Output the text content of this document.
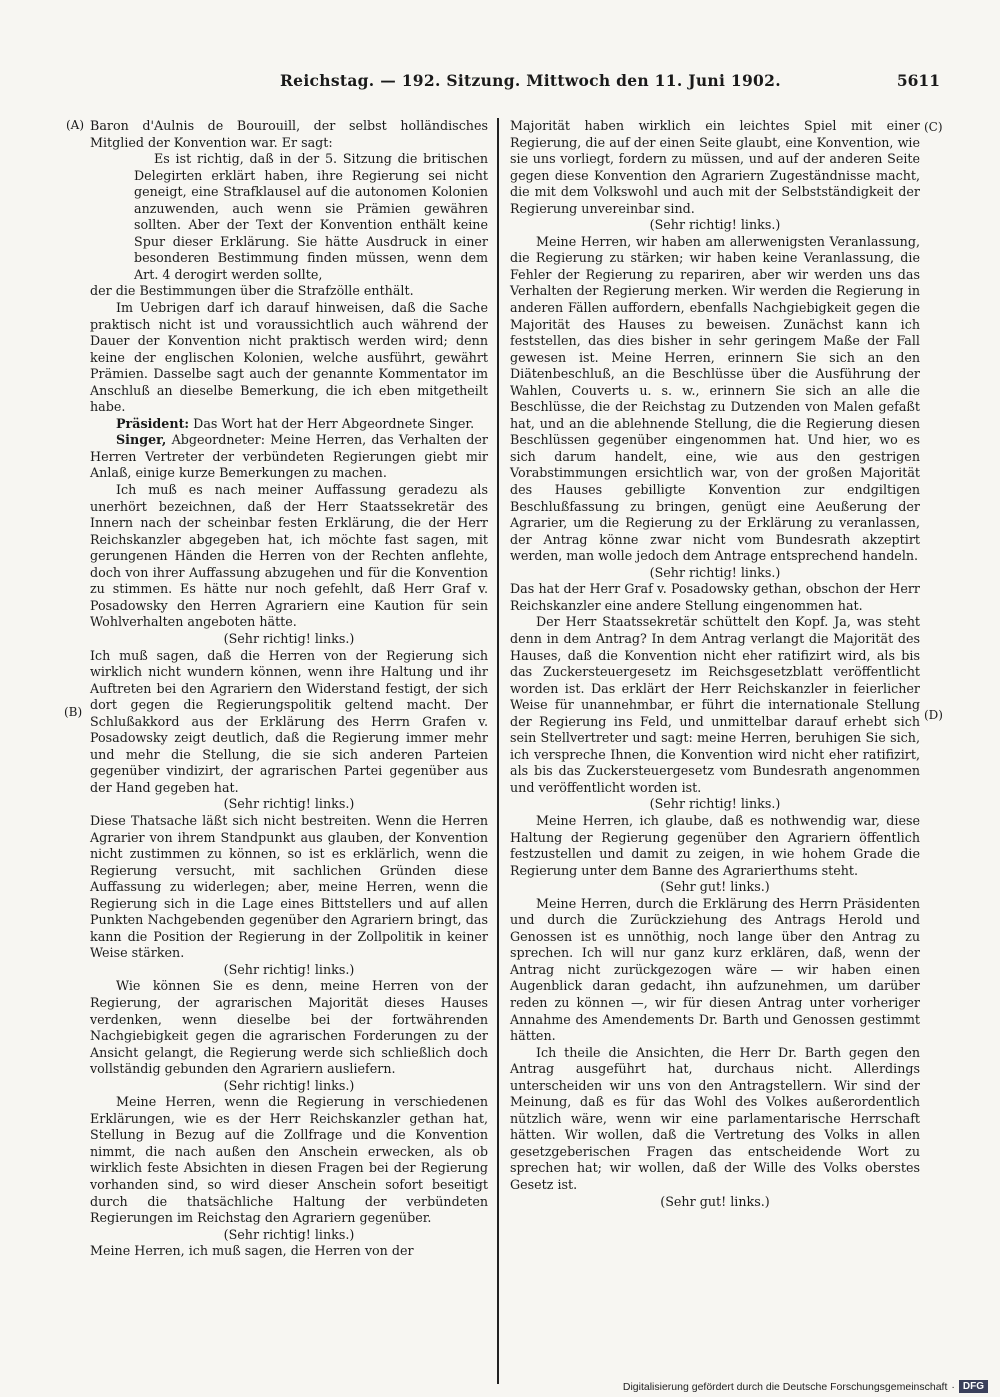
Reichstag. — 192. Sitzung. Mittwoch den 11. Juni 1902.	5611
(A)
(B)
(C)
(D)

Baron d'Aulnis de Bourouill, der selbst holländisches Mitglied der Konvention war. Er sagt:

Es ist richtig, daß in der 5. Sitzung die britischen Delegirten erklärt haben, ihre Regierung sei nicht geneigt, eine Strafklausel auf die autonomen Kolonien anzuwenden, auch wenn sie Prämien gewähren sollten. Aber der Text der Konvention enthält keine Spur dieser Erklärung. Sie hätte Ausdruck in einer besonderen Bestimmung finden müssen, wenn dem Art. 4 derogirt werden sollte,

der die Bestimmungen über die Strafzölle enthält.

Im Uebrigen darf ich darauf hinweisen, daß die Sache praktisch nicht ist und voraussichtlich auch während der Dauer der Konvention nicht praktisch werden wird; denn keine der englischen Kolonien, welche ausführt, gewährt Prämien. Dasselbe sagt auch der genannte Kommentator im Anschluß an dieselbe Bemerkung, die ich eben mitgetheilt habe.

Präsident: Das Wort hat der Herr Abgeordnete Singer.

Singer, Abgeordneter: Meine Herren, das Verhalten der Herren Vertreter der verbündeten Regierungen giebt mir Anlaß, einige kurze Bemerkungen zu machen.

Ich muß es nach meiner Auffassung geradezu als unerhört bezeichnen, daß der Herr Staatssekretär des Innern nach der scheinbar festen Erklärung, die der Herr Reichskanzler abgegeben hat, ich möchte fast sagen, mit gerungenen Händen die Herren von der Rechten anflehte, doch von ihrer Auffassung abzugehen und für die Konvention zu stimmen. Es hätte nur noch gefehlt, daß Herr Graf v. Posadowsky den Herren Agrariern eine Kaution für sein Wohlverhalten angeboten hätte.

(Sehr richtig! links.)

Ich muß sagen, daß die Herren von der Regierung sich wirklich nicht wundern können, wenn ihre Haltung und ihr Auftreten bei den Agrariern den Widerstand festigt, der sich dort gegen die Regierungspolitik geltend macht. Der Schlußakkord aus der Erklärung des Herrn Grafen v. Posadowsky zeigt deutlich, daß die Regierung immer mehr und mehr die Stellung, die sie sich anderen Parteien gegenüber vindizirt, der agrarischen Partei gegenüber aus der Hand gegeben hat.

(Sehr richtig! links.)

Diese Thatsache läßt sich nicht bestreiten. Wenn die Herren Agrarier von ihrem Standpunkt aus glauben, der Konvention nicht zustimmen zu können, so ist es erklärlich, wenn die Regierung versucht, mit sachlichen Gründen diese Auffassung zu widerlegen; aber, meine Herren, wenn die Regierung sich in die Lage eines Bittstellers und auf allen Punkten Nachgebenden gegenüber den Agrariern bringt, das kann die Position der Regierung in der Zollpolitik in keiner Weise stärken.

(Sehr richtig! links.)

Wie können Sie es denn, meine Herren von der Regierung, der agrarischen Majorität dieses Hauses verdenken, wenn dieselbe bei der fortwährenden Nachgiebigkeit gegen die agrarischen Forderungen zu der Ansicht gelangt, die Regierung werde sich schließlich doch vollständig gebunden den Agrariern ausliefern.

(Sehr richtig! links.)

Meine Herren, wenn die Regierung in verschiedenen Erklärungen, wie es der Herr Reichskanzler gethan hat, Stellung in Bezug auf die Zollfrage und die Konvention nimmt, die nach außen den Anschein erwecken, als ob wirklich feste Absichten in diesen Fragen bei der Regierung vorhanden sind, so wird dieser Anschein sofort beseitigt durch die thatsächliche Haltung der verbündeten Regierungen im Reichstag den Agrariern gegenüber.

(Sehr richtig! links.)

Meine Herren, ich muß sagen, die Herren von der

Majorität haben wirklich ein leichtes Spiel mit einer Regierung, die auf der einen Seite glaubt, eine Konvention, wie sie uns vorliegt, fordern zu müssen, und auf der anderen Seite gegen diese Konvention den Agrariern Zugeständnisse macht, die mit dem Volkswohl und auch mit der Selbstständigkeit der Regierung unvereinbar sind.

(Sehr richtig! links.)

Meine Herren, wir haben am allerwenigsten Veranlassung, die Regierung zu stärken; wir haben keine Veranlassung, die Fehler der Regierung zu repariren, aber wir werden uns das Verhalten der Regierung merken. Wir werden die Regierung in anderen Fällen auffordern, ebenfalls Nachgiebigkeit gegen die Majorität des Hauses zu beweisen. Zunächst kann ich feststellen, das dies bisher in sehr geringem Maße der Fall gewesen ist. Meine Herren, erinnern Sie sich an den Diätenbeschluß, an die Beschlüsse über die Ausführung der Wahlen, Couverts u. s. w., erinnern Sie sich an alle die Beschlüsse, die der Reichstag zu Dutzenden von Malen gefaßt hat, und an die ablehnende Stellung, die die Regierung diesen Beschlüssen gegenüber eingenommen hat. Und hier, wo es sich darum handelt, eine, wie aus den gestrigen Vorabstimmungen ersichtlich war, von der großen Majorität des Hauses gebilligte Konvention zur endgiltigen Beschlußfassung zu bringen, genügt eine Aeußerung der Agrarier, um die Regierung zu der Erklärung zu veranlassen, der Antrag könne zwar nicht vom Bundesrath akzeptirt werden, man wolle jedoch dem Antrage entsprechend handeln.

(Sehr richtig! links.)

Das hat der Herr Graf v. Posadowsky gethan, obschon der Herr Reichskanzler eine andere Stellung eingenommen hat.

Der Herr Staatssekretär schüttelt den Kopf. Ja, was steht denn in dem Antrag? In dem Antrag verlangt die Majorität des Hauses, daß die Konvention nicht eher ratifizirt wird, als bis das Zuckersteuergesetz im Reichsgesetzblatt veröffentlicht worden ist. Das erklärt der Herr Reichskanzler in feierlicher Weise für unannehmbar, er führt die internationale Stellung der Regierung ins Feld, und unmittelbar darauf erhebt sich sein Stellvertreter und sagt: meine Herren, beruhigen Sie sich, ich verspreche Ihnen, die Konvention wird nicht eher ratifizirt, als bis das Zuckersteuergesetz vom Bundesrath angenommen und veröffentlicht worden ist.

(Sehr richtig! links.)

Meine Herren, ich glaube, daß es nothwendig war, diese Haltung der Regierung gegenüber den Agrariern öffentlich festzustellen und damit zu zeigen, in wie hohem Grade die Regierung unter dem Banne des Agrarierthums steht.

(Sehr gut! links.)

Meine Herren, durch die Erklärung des Herrn Präsidenten und durch die Zurückziehung des Antrags Herold und Genossen ist es unnöthig, noch lange über den Antrag zu sprechen. Ich will nur ganz kurz erklären, daß, wenn der Antrag nicht zurückgezogen wäre — wir haben einen Augenblick daran gedacht, ihn aufzunehmen, um darüber reden zu können —, wir für diesen Antrag unter vorheriger Annahme des Amendements Dr. Barth und Genossen gestimmt hätten.

Ich theile die Ansichten, die Herr Dr. Barth gegen den Antrag ausgeführt hat, durchaus nicht. Allerdings unterscheiden wir uns von den Antragstellern. Wir sind der Meinung, daß es für das Wohl des Volkes außerordentlich nützlich wäre, wenn wir eine parlamentarische Herrschaft hätten. Wir wollen, daß die Vertretung des Volks in allen gesetzgeberischen Fragen das entscheidende Wort zu sprechen hat; wir wollen, daß der Wille des Volks oberstes Gesetz ist.

(Sehr gut! links.)

Digitalisierung gefördert durch die Deutsche Forschungsgemeinschaft · DFG
